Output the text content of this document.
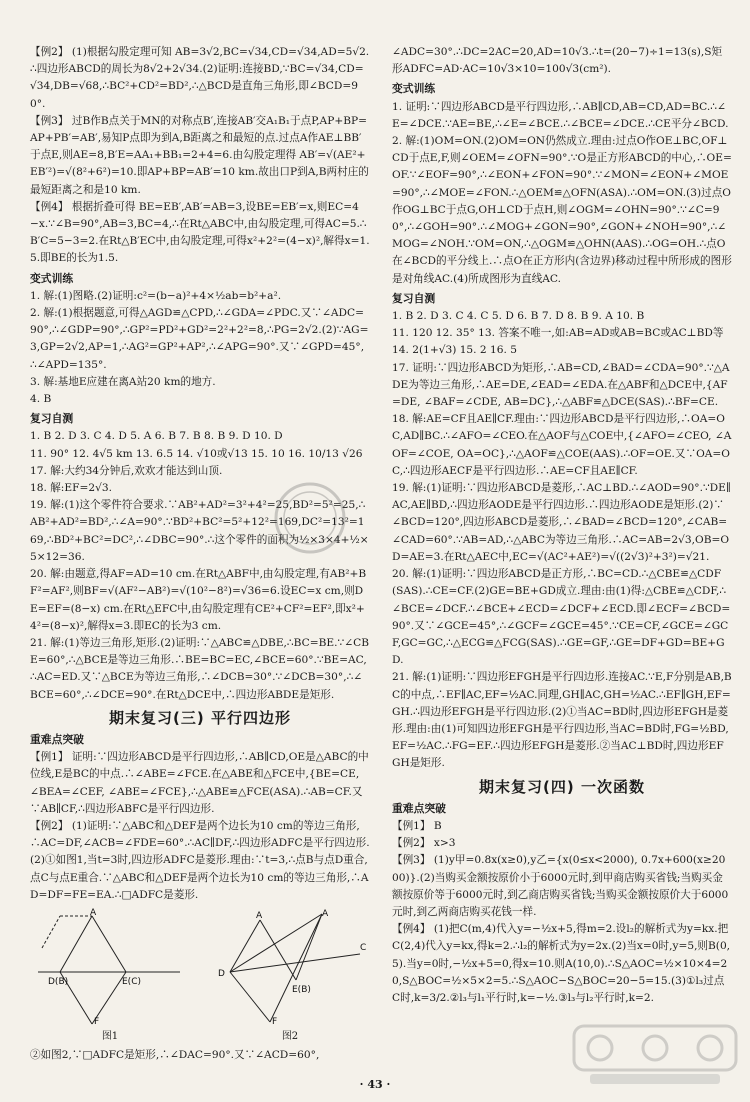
【例2】 (1)根据勾股定理可知 AB=3√2,BC=√34,CD=√34,AD=5√2.∴四边形ABCD的周长为8√2+2√34.(2)证明:连接BD,∵BC=√34,CD=√34,DB=√68,∴BC²+CD²=BD²,∴△BCD是直角三角形,即∠BCD=90°.

【例3】 过B作B点关于MN的对称点B′,连接AB′交A₁B₁于点P,AP+BP=AP+PB′=AB′,易知P点即为到A,B距离之和最短的点.过点A作AE⊥BB′于点E,则AE=8,B′E=AA₁+BB₁=2+4=6.由勾股定理得 AB′=√(AE²+EB′²)=√(8²+6²)=10.即AP+BP=AB′=10 km.故出口P到A,B两村庄的最短距离之和是10 km.

【例4】 根据折叠可得 BE=EB′,AB′=AB=3,设BE=EB′=x,则EC=4−x.∵∠B=90°,AB=3,BC=4,∴在Rt△ABC中,由勾股定理,可得AC=5.∴B′C=5−3=2.在Rt△B′EC中,由勾股定理,可得x²+2²=(4−x)²,解得x=1.5.即BE的长为1.5.

变式训练

1. 解:(1)图略.(2)证明:c²=(b−a)²+4×½ab=b²+a².

2. 解:(1)根据题意,可得△AGD≌△CPD,∴∠GDA=∠PDC.又∵∠ADC=90°,∴∠GDP=90°,∴GP²=PD²+GD²=2²+2²=8,∴PG=2√2.(2)∵AG=3,GP=2√2,AP=1,∴AG²=GP²+AP²,∴∠APG=90°.又∵∠GPD=45°,∴∠APD=135°.

3. 解:基地E应建在离A站20 km的地方.

4. B

复习自测

1. B 2. D 3. C 4. D 5. A 6. B 7. B 8. B 9. D 10. D

11. 90° 12. 4√5 km 13. 6.5 14. √10或√13 15. 10 16. 10/13 √26

17. 解:大约34分钟后,欢欢才能达到山顶.

18. 解:EF=2√3.

19. 解:(1)这个零件符合要求.∵AB²+AD²=3²+4²=25,BD²=5²=25,∴AB²+AD²=BD²,∴∠A=90°.∵BD²+BC²=5²+12²=169,DC²=13²=169,∴BD²+BC²=DC²,∴∠DBC=90°.∴这个零件的面积为½×3×4+½×5×12=36.

20. 解:由题意,得AF=AD=10 cm.在Rt△ABF中,由勾股定理,有AB²+BF²=AF²,则BF=√(AF²−AB²)=√(10²−8²)=√36=6.设EC=x cm,则DE=EF=(8−x) cm.在Rt△EFC中,由勾股定理有CE²+CF²=EF²,即x²+4²=(8−x)²,解得x=3.即EC的长为3 cm.

21. 解:(1)等边三角形,矩形.(2)证明:∵△ABC≌△DBE,∴BC=BE.∵∠CBE=60°,∴△BCE是等边三角形.∴BE=BC=EC,∠BCE=60°.∵BE=AC,∴AC=ED.又∵△BCE为等边三角形,∴∠DCB=30°.∵∠DCB=30°,∴∠BCE=60°,∴∠DCE=90°.在Rt△DCE中,∴四边形ABDE是矩形.

期末复习(三) 平行四边形
重难点突破

【例1】 证明:∵四边形ABCD是平行四边形,∴AB∥CD,OE是△ABC的中位线,E是BC的中点.∴∠ABE=∠FCE.在△ABE和△FCE中,{BE=CE, ∠BEA=∠CEF, ∠ABE=∠FCE},∴△ABE≌△FCE(ASA).∴AB=CF.又∵AB∥CF,∴四边形ABFC是平行四边形.

【例2】 (1)证明:∵△ABC和△DEF是两个边长为10 cm的等边三角形,∴AC=DF,∠ACB=∠FDE=60°.∴AC∥DF,∴四边形ADFC是平行四边形.(2)①如图1,当t=3时,四边形ADFC是菱形.理由:∵t=3,∴点B与点D重合,点C与点E重合.∵△ABC和△DEF是两个边长为10 cm的等边三角形,∴AD=DF=FE=EA.∴□ADFC是菱形.

A
D(B)	E(C)
F
图1
A	A
D
E(B)
C
F
图2

②如图2,∵□ADFC是矩形,∴∠DAC=90°.又∵∠ACD=60°,

∠ADC=30°.∴DC=2AC=20,AD=10√3.∴t=(20−7)÷1=13(s),S矩形ADFC=AD·AC=10√3×10=100√3(cm²).

变式训练

1. 证明:∵四边形ABCD是平行四边形,∴AB∥CD,AB=CD,AD=BC.∴∠E=∠DCE.∵AE=BE,∴∠E=∠BCE.∴∠BCE=∠DCE.∴CE平分∠BCD.

2. 解:(1)OM=ON.(2)OM=ON仍然成立.理由:过点O作OE⊥BC,OF⊥CD于点E,F,则∠OEM=∠OFN=90°.∵O是正方形ABCD的中心,∴OE=OF.∵∠EOF=90°,∴∠EON+∠FON=90°.∵∠MON=∠EON+∠MOE=90°,∴∠MOE=∠FON.∴△OEM≌△OFN(ASA).∴OM=ON.(3)过点O作OG⊥BC于点G,OH⊥CD于点H,则∠OGM=∠OHN=90°.∵∠C=90°,∴∠GOH=90°.∴∠MOG+∠GON=90°,∠GON+∠NOH=90°,∴∠MOG=∠NOH.∵OM=ON,∴△OGM≌△OHN(AAS).∴OG=OH.∴点O在∠BCD的平分线上.∴点O在正方形内(含边界)移动过程中所形成的图形是对角线AC.(4)所成图形为直线AC.

复习自测

1. B 2. D 3. C 4. C 5. D 6. B 7. D 8. B 9. A 10. B

11. 120 12. 35° 13. 答案不唯一,如:AB=AD或AB=BC或AC⊥BD等 14. 2(1+√3) 15. 2 16. 5

17. 证明:∵四边形ABCD为矩形,∴AB=CD,∠BAD=∠CDA=90°.∵△ADE为等边三角形,∴AE=DE,∠EAD=∠EDA.在△ABF和△DCE中,{AF=DE, ∠BAF=∠CDE, AB=DC},∴△ABF≌△DCE(SAS).∴BF=CE.

18. 解:AE=CF且AE∥CF.理由:∵四边形ABCD是平行四边形,∴OA=OC,AD∥BC.∴∠AFO=∠CEO.在△AOF与△COE中,{∠AFO=∠CEO, ∠AOF=∠COE, OA=OC},∴△AOF≌△COE(AAS).∴OF=OE.又∵OA=OC,∴四边形AECF是平行四边形.∴AE=CF且AE∥CF.

19. 解:(1)证明:∵四边形ABCD是菱形,∴AC⊥BD.∴∠AOD=90°.∵DE∥AC,AE∥BD,∴四边形AODE是平行四边形.∴四边形AODE是矩形.(2)∵∠BCD=120°,四边形ABCD是菱形,∴∠BAD=∠BCD=120°,∠CAB=∠CAD=60°.∵AB=AD,∴△ABC为等边三角形.∴AC=AB=2√3,OB=OD=AE=3.在Rt△AEC中,EC=√(AC²+AE²)=√((2√3)²+3²)=√21.

20. 解:(1)证明:∵四边形ABCD是正方形,∴BC=CD.∴△CBE≌△CDF(SAS).∴CE=CF.(2)GE=BE+GD成立.理由:由(1)得:△CBE≌△CDF,∴∠BCE=∠DCF.∴∠BCE+∠ECD=∠DCF+∠ECD.即∠ECF=∠BCD=90°.又∵∠GCE=45°,∴∠GCF=∠GCE=45°.∵CE=CF,∠GCE=∠GCF,GC=GC,∴△ECG≌△FCG(SAS).∴GE=GF,∴GE=DF+GD=BE+GD.

21. 解:(1)证明:∵四边形EFGH是平行四边形.连接AC.∵E,F分别是AB,BC的中点,∴EF∥AC,EF=½AC.同理,GH∥AC,GH=½AC.∴EF∥GH,EF=GH.∴四边形EFGH是平行四边形.(2)①当AC=BD时,四边形EFGH是菱形.理由:由(1)可知四边形EFGH是平行四边形,当AC=BD时,FG=½BD,EF=½AC.∴FG=EF.∴四边形EFGH是菱形.②当AC⊥BD时,四边形EFGH是矩形.

期末复习(四) 一次函数
重难点突破

【例1】 B

【例2】 x>3

【例3】 (1)y甲=0.8x(x≥0),y乙={x(0≤x<2000), 0.7x+600(x≥2000)}.(2)当购买金额按原价小于6000元时,到甲商店购买省钱;当购买金额按原价等于6000元时,到乙商店购买省钱;当购买金额按原价大于6000元时,到乙两商店购买花钱一样.

【例4】 (1)把C(m,4)代入y=−½x+5,得m=2.设l₂的解析式为y=kx.把C(2,4)代入y=kx,得k=2.∴l₂的解析式为y=2x.(2)当x=0时,y=5,则B(0,5).当y=0时,−½x+5=0,得x=10.则A(10,0).∴S△AOC=½×10×4=20,S△BOC=½×5×2=5.∴S△AOC−S△BOC=20−5=15.(3)①l₃过点C时,k=3/2.②l₃与l₁平行时,k=−½.③l₃与l₂平行时,k=2.

· 43 ·
